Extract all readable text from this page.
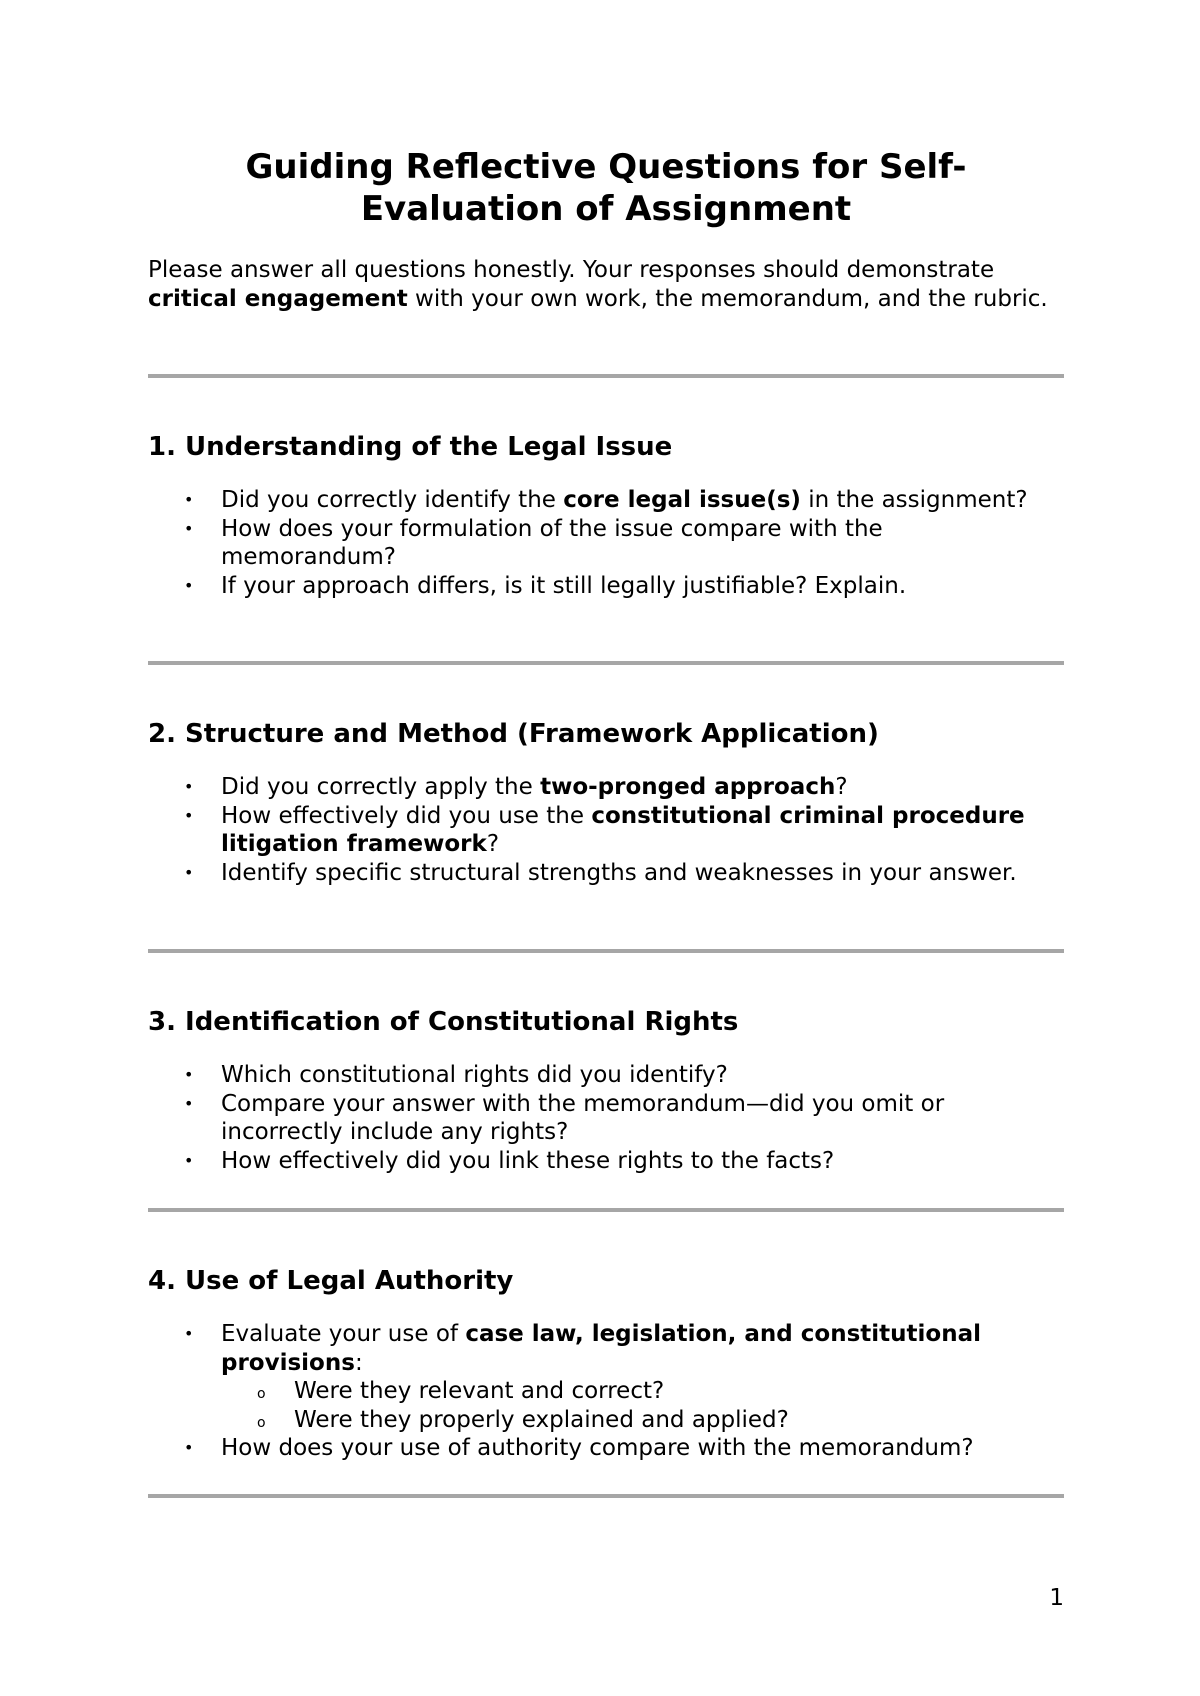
Guiding Reflective Questions for Self-
Evaluation of Assignment

Please answer all questions honestly. Your responses should demonstrate critical engagement with your own work, the memorandum, and the rubric.

1. Understanding of the Legal Issue
• Did you correctly identify the core legal issue(s) in the assignment?
• How does your formulation of the issue compare with the memorandum?
• If your approach differs, is it still legally justifiable? Explain.
2. Structure and Method (Framework Application)
• Did you correctly apply the two-pronged approach?
• How effectively did you use the constitutional criminal procedure litigation framework?
• Identify specific structural strengths and weaknesses in your answer.
3. Identification of Constitutional Rights
• Which constitutional rights did you identify?
• Compare your answer with the memorandum—did you omit or incorrectly include any rights?
• How effectively did you link these rights to the facts?
4. Use of Legal Authority
• Evaluate your use of case law, legislation, and constitutional provisions:
o Were they relevant and correct?
o Were they properly explained and applied?
• How does your use of authority compare with the memorandum?
1
